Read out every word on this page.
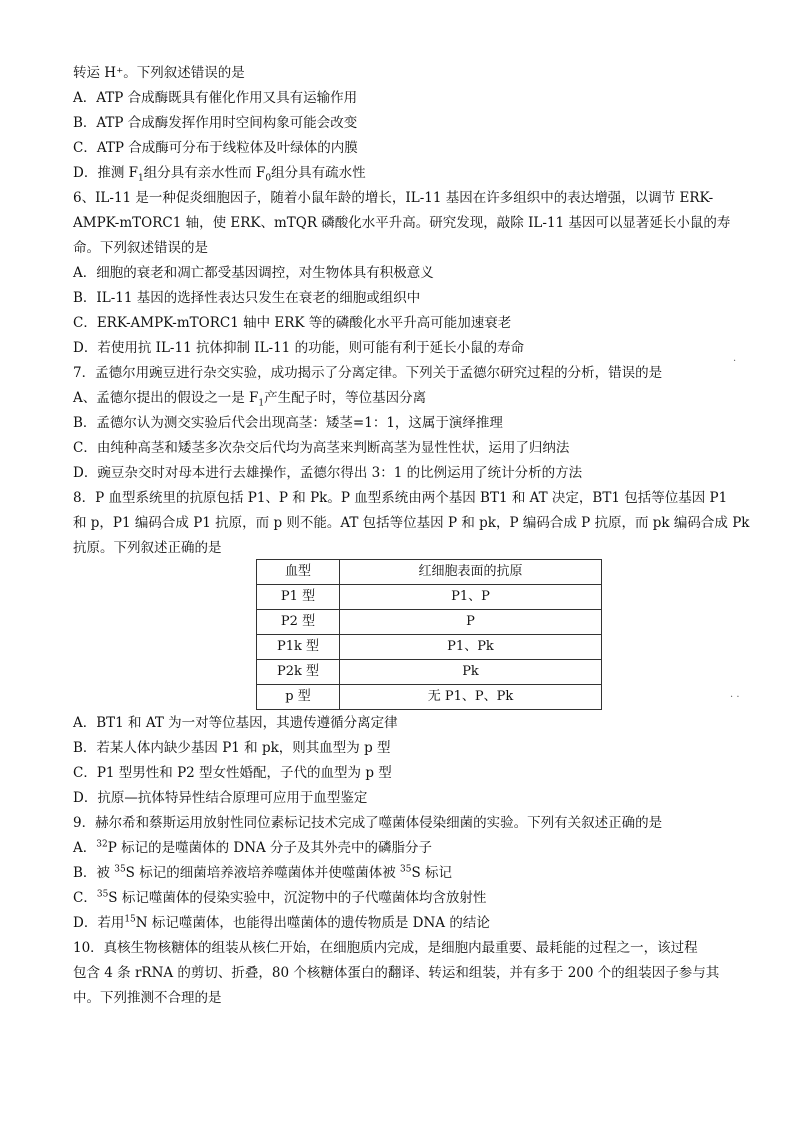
转运 H⁺。下列叙述错误的是
A．ATP 合成酶既具有催化作用又具有运输作用
B．ATP 合成酶发挥作用时空间构象可能会改变
C．ATP 合成酶可分布于线粒体及叶绿体的内膜
D．推测 $F_1$组分具有亲水性而 $F_0$组分具有疏水性
6、IL-11 是一种促炎细胞因子，随着小鼠年龄的增长，IL-11 基因在许多组织中的表达增强，以调节 ERK-
AMPK-mTORC1 轴，使 ERK、mTQR 磷酸化水平升高。研究发现，敲除 IL-11 基因可以显著延长小鼠的寿
命。下列叙述错误的是
A．细胞的衰老和凋亡都受基因调控，对生物体具有积极意义
B．IL-11 基因的选择性表达只发生在衰老的细胞或组织中
C．ERK-AMPK-mTORC1 轴中 ERK 等的磷酸化水平升高可能加速衰老
D．若使用抗 IL-11 抗体抑制 IL-11 的功能，则可能有利于延长小鼠的寿命
7．孟德尔用豌豆进行杂交实验，成功揭示了分离定律。下列关于孟德尔研究过程的分析，错误的是
A、孟德尔提出的假设之一是 $F_1$产生配子时，等位基因分离
B．孟德尔认为测交实验后代会出现高茎：矮茎=1：1，这属于演绎推理
C．由纯种高茎和矮茎多次杂交后代均为高茎来判断高茎为显性性状，运用了归纳法
D．豌豆杂交时对母本进行去雄操作，孟德尔得出 3：1 的比例运用了统计分析的方法
8．P 血型系统里的抗原包括 P1、P 和 Pk。P 血型系统由两个基因 BT1 和 AT 决定，BT1 包括等位基因 P1
和 p，P1 编码合成 P1 抗原，而 p 则不能。AT 包括等位基因 P 和 pk，P 编码合成 P 抗原，而 pk 编码合成 Pk
抗原。下列叙述正确的是
血型	红细胞表面的抗原
P1 型	P1、P
P2 型	P
P1k 型	P1、Pk
P2k 型	Pk
p 型	无 P1、P、Pk
A．BT1 和 AT 为一对等位基因，其遗传遵循分离定律
B．若某人体内缺少基因 P1 和 pk，则其血型为 p 型
C．P1 型男性和 P2 型女性婚配，子代的血型为 p 型
D．抗原—抗体特异性结合原理可应用于血型鉴定
9．赫尔希和蔡斯运用放射性同位素标记技术完成了噬菌体侵染细菌的实验。下列有关叙述正确的是
A．$^{32}$P 标记的是噬菌体的 DNA 分子及其外壳中的磷脂分子
B．被 $^{35}$S 标记的细菌培养液培养噬菌体并使噬菌体被 $^{35}$S 标记
C．$^{35}$S 标记噬菌体的侵染实验中，沉淀物中的子代噬菌体均含放射性
D．若用$^{15}$N 标记噬菌体，也能得出噬菌体的遗传物质是 DNA 的结论
10．真核生物核糖体的组装从核仁开始，在细胞质内完成，是细胞内最重要、最耗能的过程之一，该过程
包含 4 条 rRNA 的剪切、折叠，80 个核糖体蛋白的翻译、转运和组装，并有多于 200 个的组装因子参与其
中。下列推测不合理的是
·
· ·
